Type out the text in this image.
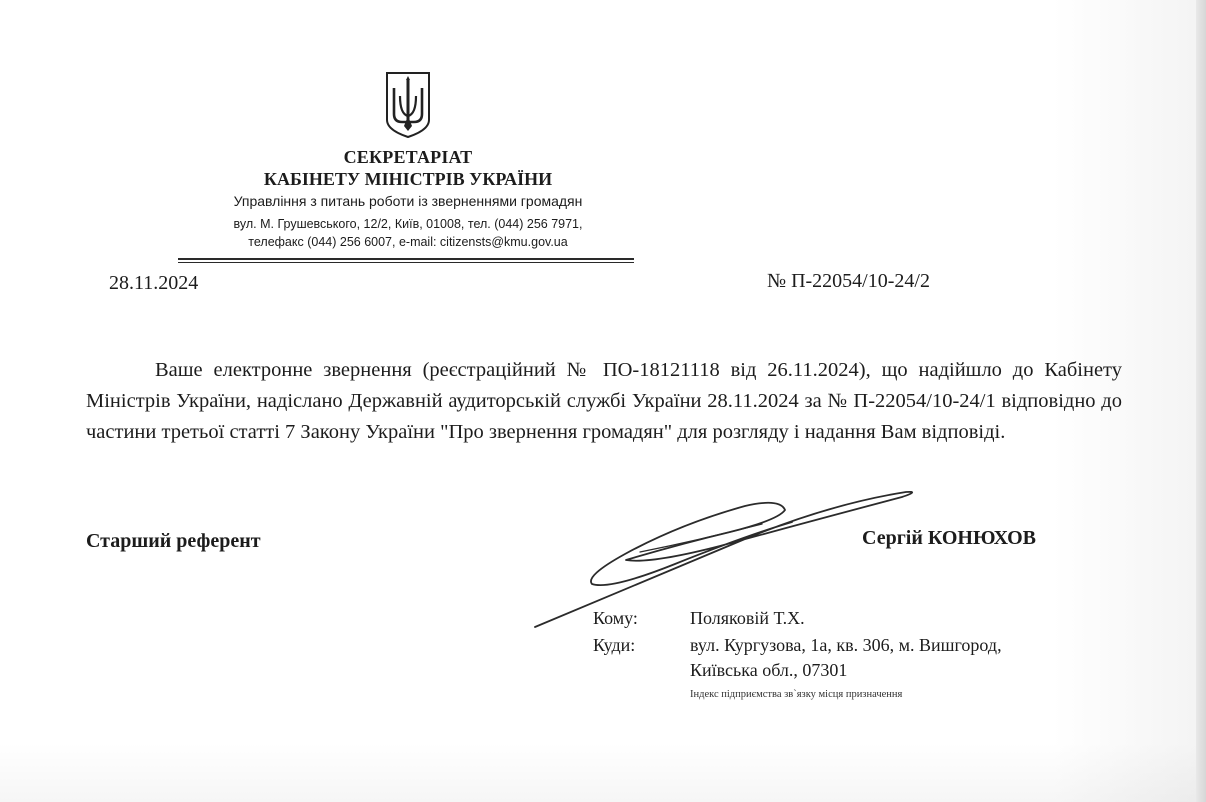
СЕКРЕТАРІАТ
КАБІНЕТУ МІНІСТРІВ УКРАЇНИ
Управління з питань роботи із зверненнями громадян
вул. М. Грушевського, 12/2, Київ, 01008, тел. (044) 256 7971,
телефакс (044) 256 6007, e-mail: citizensts@kmu.gov.ua
28.11.2024	№ П-22054/10-24/2
Ваше електронне звернення (реєстраційний № ПО-18121118 від 26.11.2024), що надійшло до Кабінету Міністрів України, надіслано Державній аудиторській службі України 28.11.2024 за № П-22054/10-24/1 відповідно до частини третьої статті 7 Закону України "Про звернення громадян" для розгляду і надання Вам відповіді.
Старший референт	Сергій КОНЮХОВ
Кому:	Поляковій Т.Х.
Куди:	вул. Кургузова, 1а, кв. 306, м. Вишгород,
Київська обл., 07301
Індекс підприємства зв`язку місця призначення
